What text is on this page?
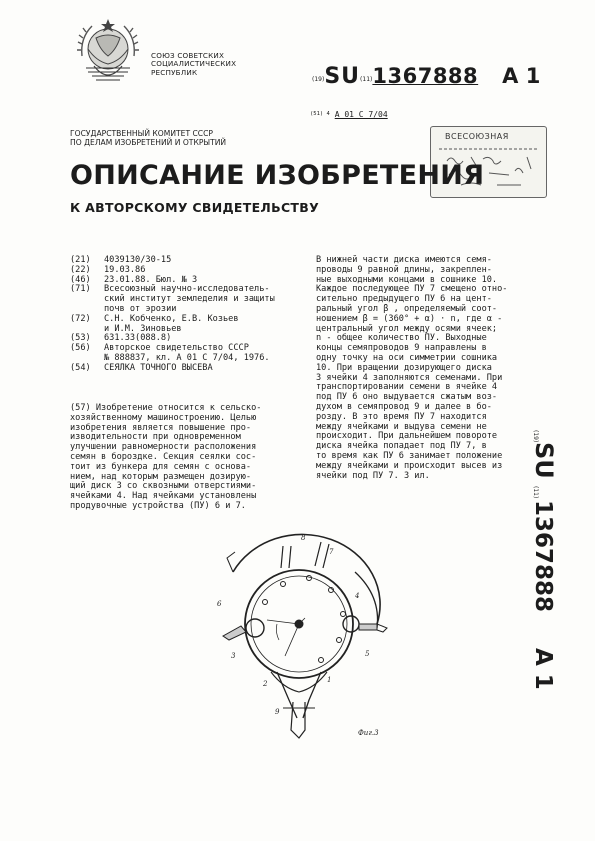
СОЮЗ СОВЕТСКИХ
СОЦИАЛИСТИЧЕСКИХ
РЕСПУБЛИК
(19)SU(11)1367888 A 1
$^{(51) 4}$ A 01 C 7/04
ГОСУДАРСТВЕННЫЙ КОМИТЕТ СССР
ПО ДЕЛАМ ИЗОБРЕТЕНИЙ И ОТКРЫТИЙ
ВСЕСОЮЗНАЯ
ОПИСАНИЕ ИЗОБРЕТЕНИЯ
К АВТОРСКОМУ СВИДЕТЕЛЬСТВУ
(21)	4039130/30-15
(22)	19.03.86
(46)	23.01.88. Бюл. № 3
(71)	Всесоюзный научно-исследователь-
ский институт земледелия и защиты
почв от эрозии
(72)	С.Н. Кобченко, Е.В. Козьев
и И.М. Зиновьев
(53)	631.33(088.8)
(56)	Авторское свидетельство СССР
№ 888837, кл. A 01 C 7/04, 1976.
(54)	СЕЯЛКА ТОЧНОГО ВЫСЕВА
(57) Изобретение относится к сельско-
хозяйственному машиностроению. Целью
изобретения является повышение про-
изводительности при одновременном
улучшении равномерности расположения
семян в бороздке. Секция сеялки сос-
тоит из бункера для семян с основа-
нием, над которым размещен дозирую-
щий диск 3 со сквозными отверстиями-
ячейками 4. Над ячейками установлены
продувочные устройства (ПУ) 6 и 7.
В нижней части диска имеются семя-
проводы 9 равной длины, закреплен-
ные выходными концами в сошнике 10.
Каждое последующее ПУ 7 смещено отно-
сительно предыдущего ПУ 6 на цент-
ральный угол β , определяемый соот-
ношением β = (360° + α) · n, где α -
центральный угол между осями ячеек;
n - общее количество ПУ. Выходные
концы семяпроводов 9 направлены в
одну точку на оси симметрии сошника
10. При вращении дозирующего диска
3 ячейки 4 заполняются семенами. При
транспортировании семени в ячейке 4
под ПУ 6 оно выдувается сжатым воз-
духом в семяпровод 9 и далее в бо-
розду. В это время ПУ 7 находится
между ячейками и выдува семени не
происходит. При дальнейшем повороте
диска ячейка попадает под ПУ 7, в
то время как ПУ 6 занимает положение
между ячейками и происходит высев из
ячейки под ПУ 7. 3 ил.
(19)
SU
(11)
1367888
A 1
8
7
6
3
4
5
2	1
9
Фиг.3
